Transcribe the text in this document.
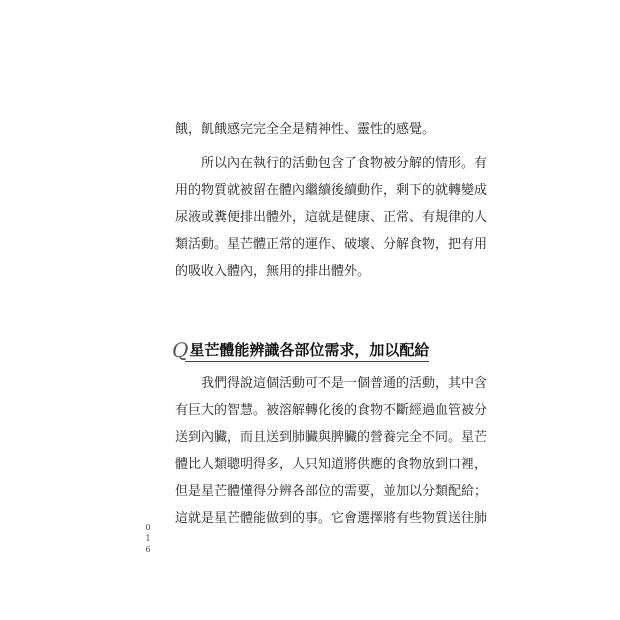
餓，飢餓感完完全全是精神性、靈性的感覺。
　　所以內在執行的活動包含了食物被分解的情形。有
用的物質就被留在體內繼續後續動作，剩下的就轉變成
尿液或糞便排出體外，這就是健康、正常、有規律的人
類活動。星芒體正常的運作、破壞、分解食物，把有用
的吸收入體內，無用的排出體外。
Q 星芒體能辨識各部位需求，加以配給
　　我們得說這個活動可不是一個普通的活動，其中含
有巨大的智慧。被溶解轉化後的食物不斷經過血管被分
送到內臟，而且送到肺臟與脾臟的營養完全不同。星芒
體比人類聰明得多，人只知道將供應的食物放到口裡，
但是星芒體懂得分辨各部位的需要，並加以分類配給；
這就是星芒體能做到的事。它會選擇將有些物質送往肺
0
1
6
